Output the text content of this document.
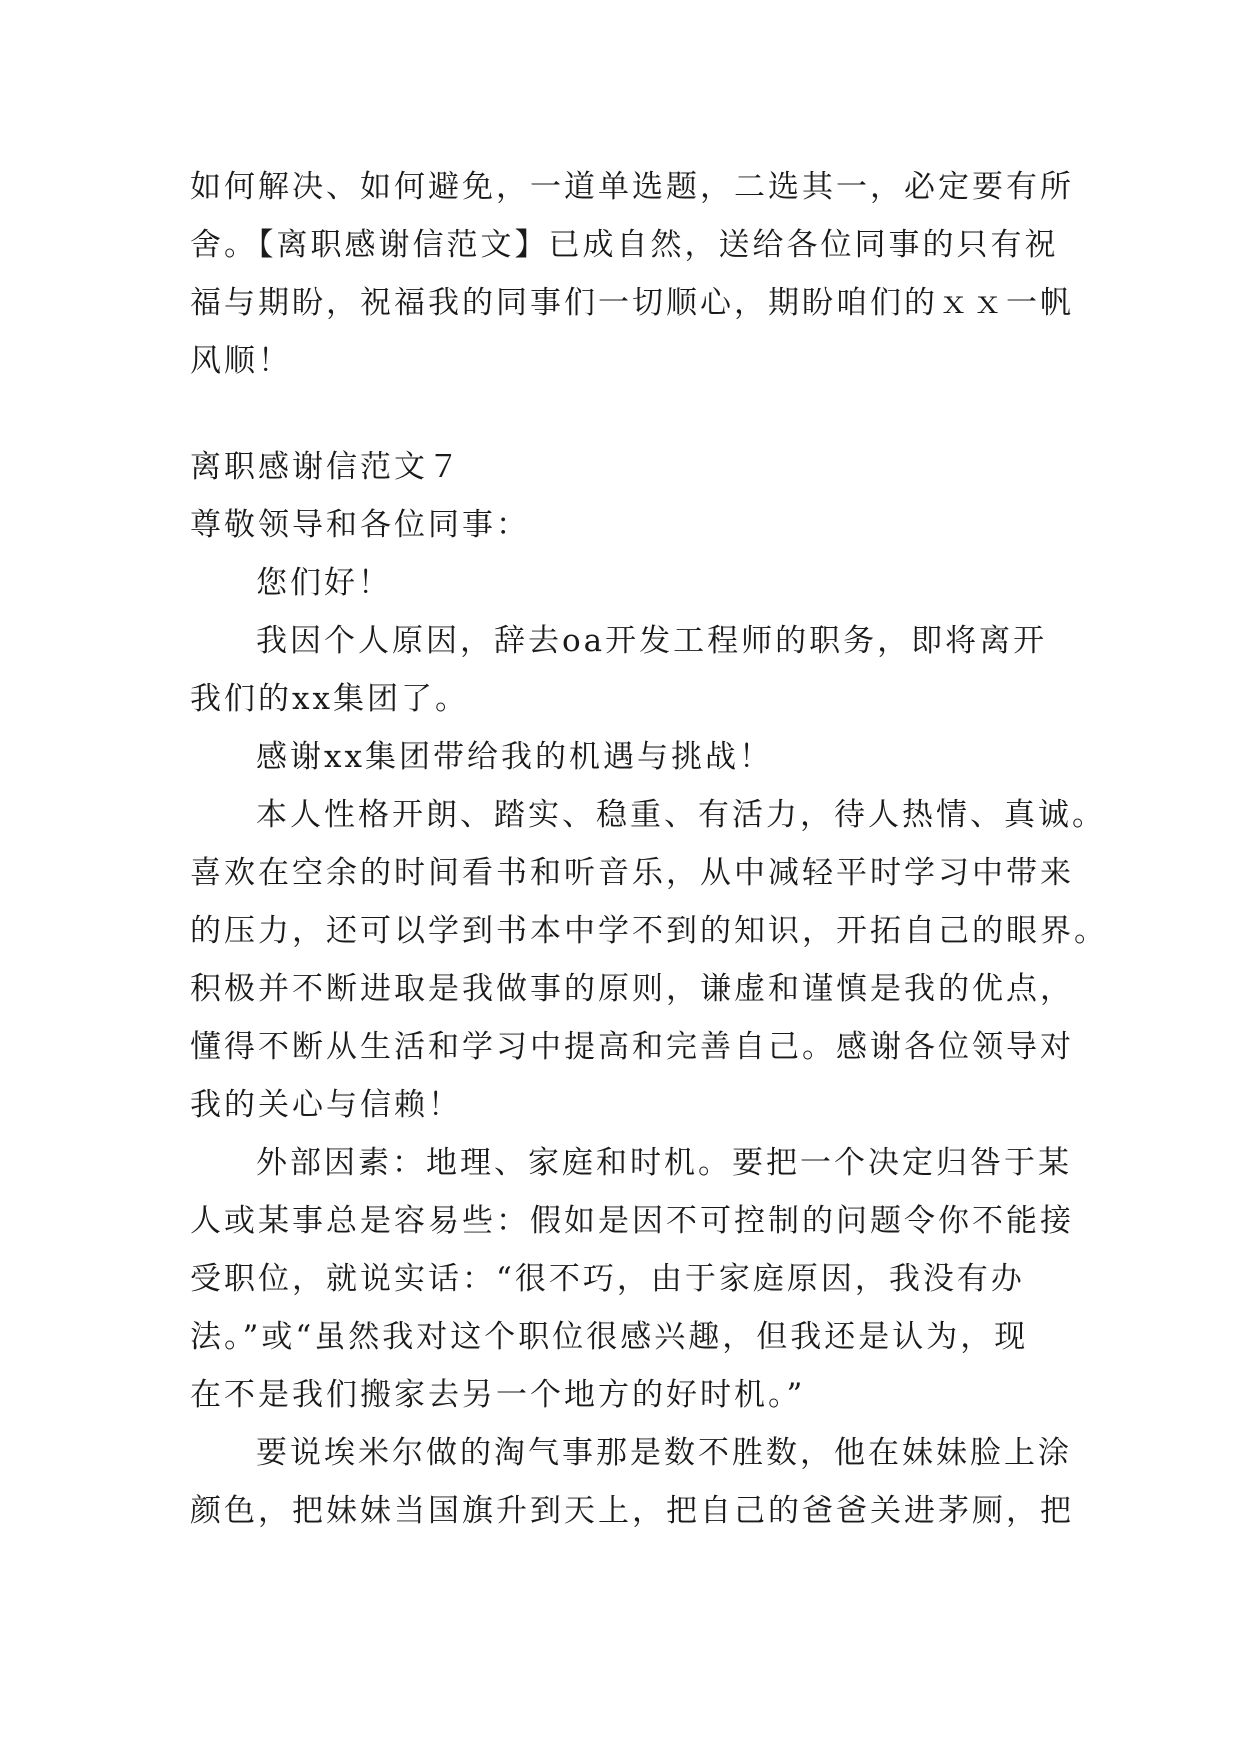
如何解决、如何避免，一道单选题，二选其一，必定要有所
舍。【离职感谢信范文】已成自然，送给各位同事的只有祝
福与期盼，祝福我的同事们一切顺心，期盼咱们的ｘｘ一帆
风顺！
离职感谢信范文７
尊敬领导和各位同事：
您们好！
我因个人原因，辞去oa开发工程师的职务，即将离开
我们的xx集团了。
感谢xx集团带给我的机遇与挑战！
本人性格开朗、踏实、稳重、有活力，待人热情、真诚。
喜欢在空余的时间看书和听音乐，从中减轻平时学习中带来
的压力，还可以学到书本中学不到的知识，开拓自己的眼界。
积极并不断进取是我做事的原则，谦虚和谨慎是我的优点，
懂得不断从生活和学习中提高和完善自己。感谢各位领导对
我的关心与信赖！
外部因素：地理、家庭和时机。要把一个决定归咎于某
人或某事总是容易些：假如是因不可控制的问题令你不能接
受职位，就说实话：“很不巧，由于家庭原因，我没有办
法。”或“虽然我对这个职位很感兴趣，但我还是认为，现
在不是我们搬家去另一个地方的好时机。”
要说埃米尔做的淘气事那是数不胜数，他在妹妹脸上涂
颜色，把妹妹当国旗升到天上，把自己的爸爸关进茅厕，把
